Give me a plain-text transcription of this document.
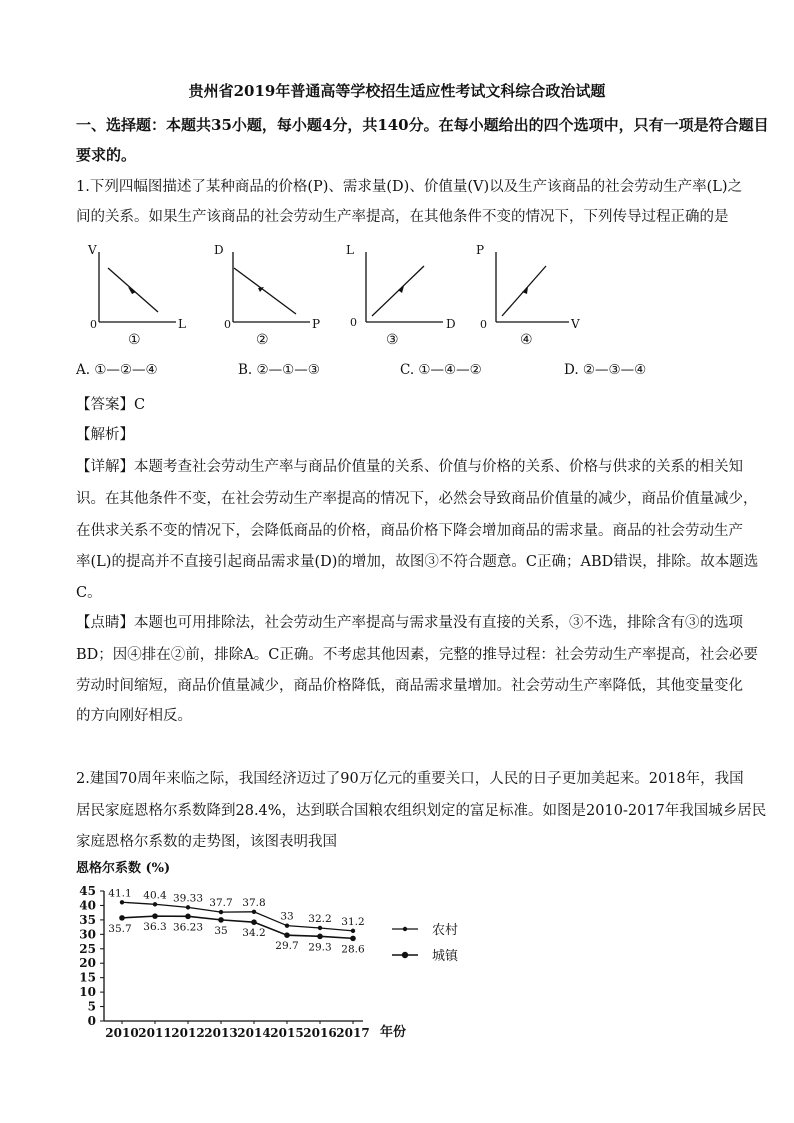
贵州省2019年普通高等学校招生适应性考试文科综合政治试题
一、选择题：本题共35小题，每小题4分，共140分。在每小题给出的四个选项中，只有一项是符合题目
要求的。
1.下列四幅图描述了某种商品的价格(P)、需求量(D)、价值量(V)以及生产该商品的社会劳动生产率(L)之
间的关系。如果生产该商品的社会劳动生产率提高，在其他条件不变的情况下，下列传导过程正确的是
V
L
0
①
D
P
0
②
L
D
0
③
P
V
0
④
A. ①—②—④	B. ②—①—③	C. ①—④—②	D. ②—③—④
【答案】C
【解析】
【详解】本题考查社会劳动生产率与商品价值量的关系、价值与价格的关系、价格与供求的关系的相关知
识。在其他条件不变，在社会劳动生产率提高的情况下，必然会导致商品价值量的减少，商品价值量减少，
在供求关系不变的情况下，会降低商品的价格，商品价格下降会增加商品的需求量。商品的社会劳动生产
率(L)的提高并不直接引起商品需求量(D)的增加，故图③不符合题意。C正确；ABD错误，排除。故本题选
C。
【点睛】本题也可用排除法，社会劳动生产率提高与需求量没有直接的关系，③不选，排除含有③的选项
BD；因④排在②前，排除A。C正确。不考虑其他因素，完整的推导过程：社会劳动生产率提高，社会必要
劳动时间缩短，商品价值量减少，商品价格降低，商品需求量增加。社会劳动生产率降低，其他变量变化
的方向刚好相反。
2.建国70周年来临之际，我国经济迈过了90万亿元的重要关口，人民的日子更加美起来。2018年，我国
居民家庭恩格尔系数降到28.4%，达到联合国粮农组织划定的富足标准。如图是2010-2017年我国城乡居民
家庭恩格尔系数的走势图，该图表明我国
恩格尔系数 (%)
年份
0
5
10
15
20
25
30
35
40
45
2010 2011 2012 2013 2014 2015 2016 2017
41.1 40.4 39.33 37.7 37.8
33 32.2 31.2
35.7 36.3 36.23 35 34.2
29.7 29.3 28.6
农村
城镇
